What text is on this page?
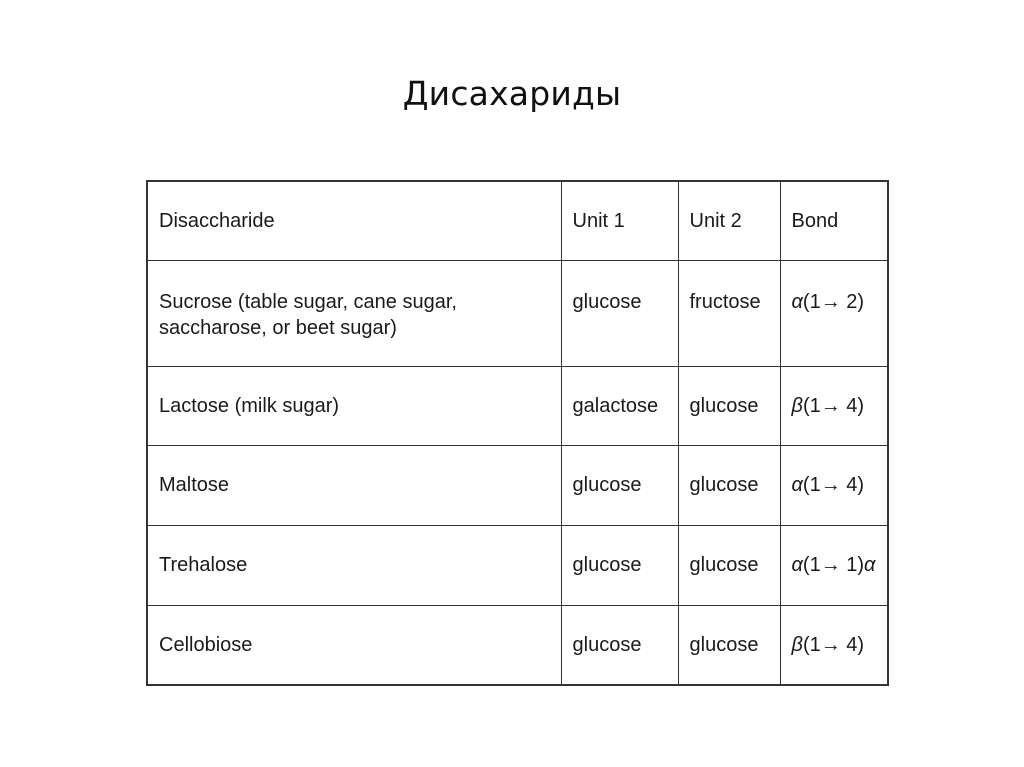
Дисахариды
Disaccharide	Unit 1	Unit 2	Bond

Sucrose (table sugar, cane sugar,
saccharose, or beet sugar)	glucose	fructose	α(1→ 2)
Lactose (milk sugar)	galactose	glucose	β(1→ 4)
Maltose	glucose	glucose	α(1→ 4)
Trehalose	glucose	glucose	α(1→ 1)α
Cellobiose	glucose	glucose	β(1→ 4)
